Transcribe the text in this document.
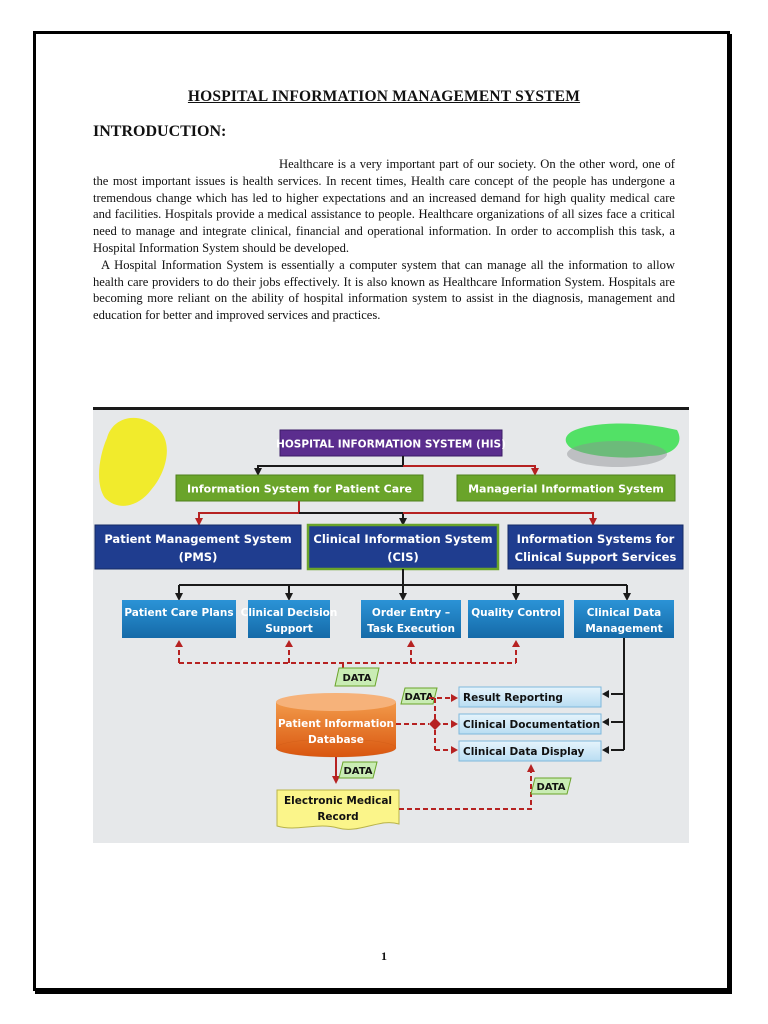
HOSPITAL INFORMATION MANAGEMENT SYSTEM
INTRODUCTION:

Healthcare is a very important part of our society. On the other word, one of the most important issues is health services. In recent times, Health care concept of the people has undergone a tremendous change which has led to higher expectations and an increased demand for high quality medical care and facilities. Hospitals provide a medical assistance to people. Healthcare organizations of all sizes face a critical need to manage and integrate clinical, financial and operational information. In order to accomplish this task, a Hospital Information System should be developed.

A Hospital Information System is essentially a computer system that can manage all the information to allow health care providers to do their jobs effectively. It is also known as Healthcare Information System. Hospitals are becoming more reliant on the ability of hospital information system to assist in the diagnosis, management and education for better and improved services and practices.

HOSPITAL INFORMATION SYSTEM (HIS)
Information System for Patient Care	Managerial Information System
Patient Management System
(PMS)
Clinical Information System
(CIS)
Information Systems for
Clinical Support Services
Patient Care Plans Clinical Decision
Support
Order Entry –
Task Execution
Quality Control Clinical Data
Management
DATA
Patient Information
Database
DATA	Result Reporting
Clinical Documentation
Clinical Data Display
DATA
Electronic Medical
Record
DATA
1
